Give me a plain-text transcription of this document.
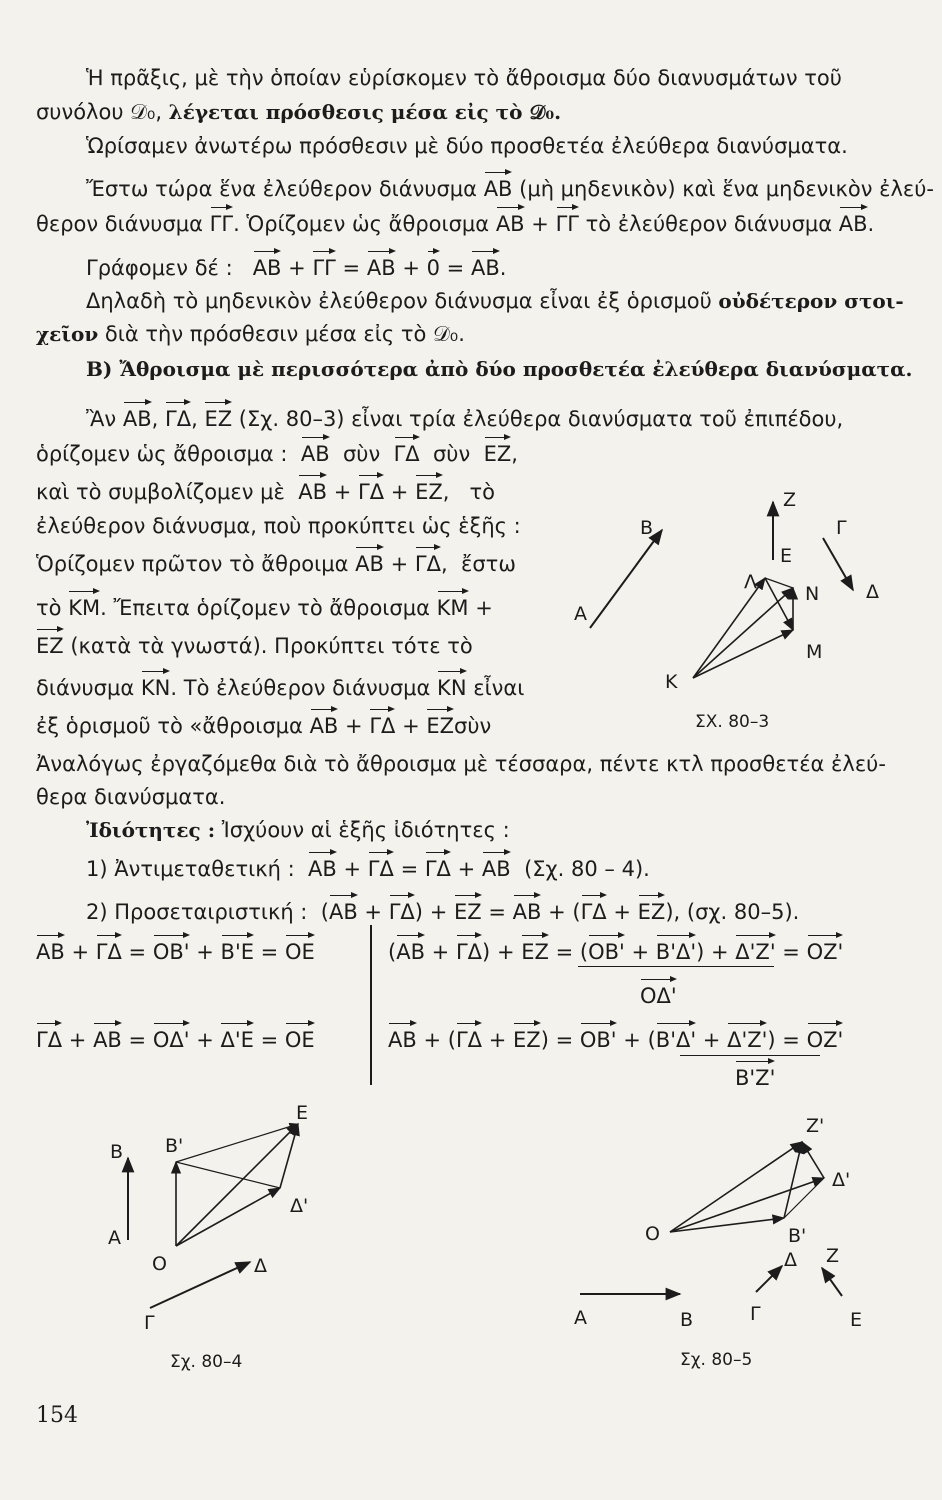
Ἡ πρᾶξις, μὲ τὴν ὁποίαν εὑρίσκομεν τὸ ἄθροισμα δύο διανυσμάτων τοῦ
συνόλου 𝒟₀, λέγεται πρόσθεσις μέσα εἰς τὸ 𝒟₀.
Ὡρίσαμεν ἀνωτέρω πρόσθεσιν μὲ δύο προσθετέα ἐλεύθερα διανύσματα.
Ἔστω τώρα ἕνα ἐλεύθερον διάνυσμα AB (μὴ μηδενικὸν) καὶ ἕνα μηδενικὸν ἐλεύ-
θερον διάνυσμα ΓΓ. Ὁρίζομεν ὡς ἄθροισμα AB + ΓΓ τὸ ἐλεύθερον διάνυσμα AB.
Γράφομεν δέ : AB + ΓΓ = AB + 0 = AB.
Δηλαδὴ τὸ μηδενικὸν ἐλεύθερον διάνυσμα εἶναι ἐξ ὁρισμοῦ οὐδέτερον στοι-
χεῖον διὰ τὴν πρόσθεσιν μέσα εἰς τὸ 𝒟₀.
Β) Ἄθροισμα μὲ περισσότερα ἀπὸ δύο προσθετέα ἐλεύθερα διανύσματα.
Ἂν AB, ΓΔ, EZ (Σχ. 80–3) εἶναι τρία ἐλεύθερα διανύσματα τοῦ ἐπιπέδου,
ὁρίζομεν ὡς ἄθροισμα : AB σὺν ΓΔ σὺν EZ,
καὶ τὸ συμβολίζομεν μὲ AB + ΓΔ + EZ, τὸ
ἐλεύθερον διάνυσμα, ποὺ προκύπτει ὡς ἑξῆς :
Ὁρίζομεν πρῶτον τὸ ἄθροιμα AB + ΓΔ, ἔστω
τὸ KM. Ἔπειτα ὁρίζομεν τὸ ἄθροισμα KM +
EZ (κατὰ τὰ γνωστά). Προκύπτει τότε τὸ
διάνυσμα KN. Τὸ ἐλεύθερον διάνυσμα KN εἶναι
ἐξ ὁρισμοῦ τὸ «ἄθροισμα AB + ΓΔ + EZσὺν
A
B
Z
E
Γ
Δ
Λ
N
M
K
ΣΧ. 80–3
Ἀναλόγως ἐργαζόμεθα διὰ τὸ ἄθροισμα μὲ τέσσαρα, πέντε κτλ προσθετέα ἐλεύ-
θερα διανύσματα.
Ἰδιότητες : Ἰσχύουν αἱ ἑξῆς ἰδιότητες :
1) Ἀντιμεταθετική : AB + ΓΔ = ΓΔ + AB (Σχ. 80 – 4).
2) Προσεταιριστική : (AB + ΓΔ) + EZ = AB + (ΓΔ + EZ), (σχ. 80–5).
AB + ΓΔ = OB' + B'E = OE
ΓΔ + AB = OΔ' + Δ'E = OE
(AB + ΓΔ) + EZ = (OB' + B'Δ') + Δ'Z' = OZ'
OΔ'
AB + (ΓΔ + EZ) = OB' + (B'Δ' + Δ'Z') = OZ'
B'Z'
B
A
B'
E
Δ'
O	Δ
Γ
Σχ. 80–4
Z'
Δ'
O	B'
Δ Z
A	B	Γ	E
Σχ. 80–5
154
